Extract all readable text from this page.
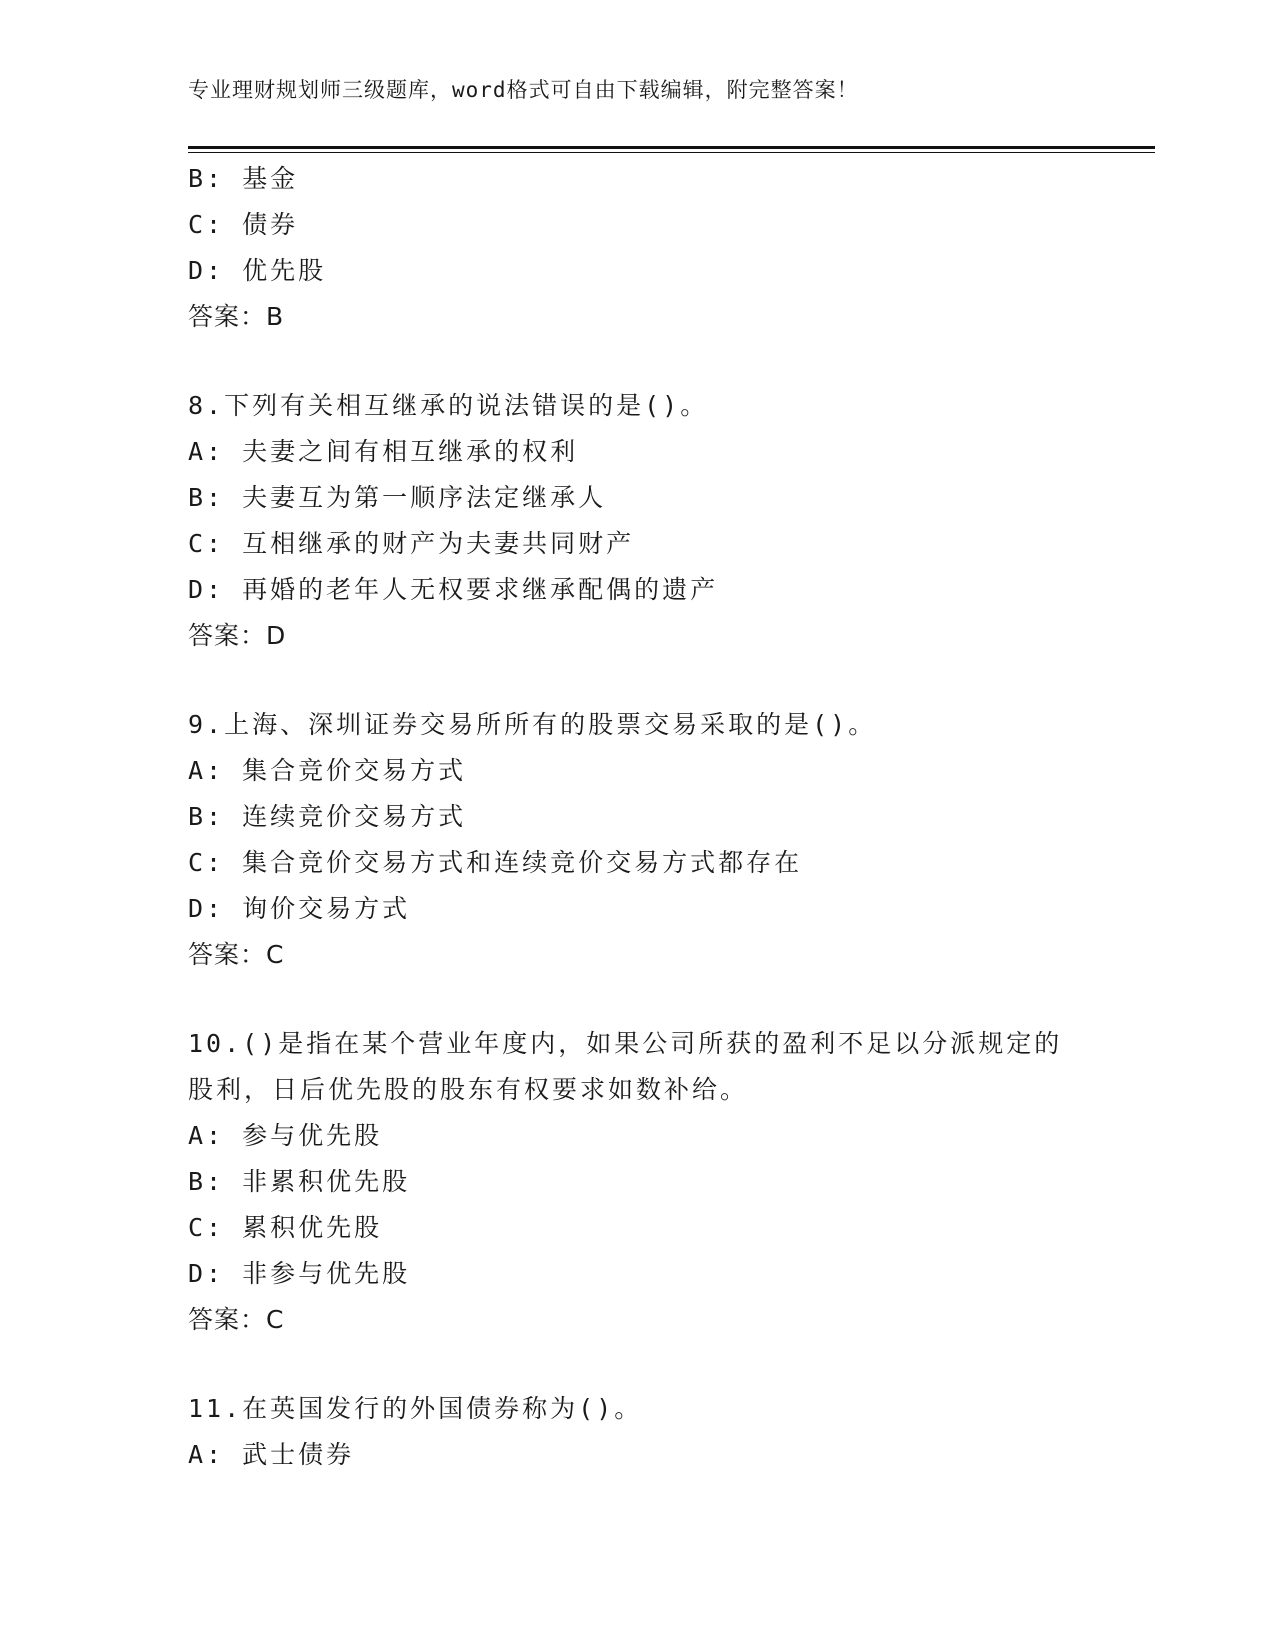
专业理财规划师三级题库，word格式可自由下载编辑，附完整答案！
B: 基金
C: 债券
D: 优先股
答案：B
8.下列有关相互继承的说法错误的是()。
A: 夫妻之间有相互继承的权利
B: 夫妻互为第一顺序法定继承人
C: 互相继承的财产为夫妻共同财产
D: 再婚的老年人无权要求继承配偶的遗产
答案：D
9.上海、深圳证券交易所所有的股票交易采取的是()。
A: 集合竞价交易方式
B: 连续竞价交易方式
C: 集合竞价交易方式和连续竞价交易方式都存在
D: 询价交易方式
答案：C
10.()是指在某个营业年度内，如果公司所获的盈利不足以分派规定的
股利，日后优先股的股东有权要求如数补给。
A: 参与优先股
B: 非累积优先股
C: 累积优先股
D: 非参与优先股
答案：C
11.在英国发行的外国债券称为()。
A: 武士债券
